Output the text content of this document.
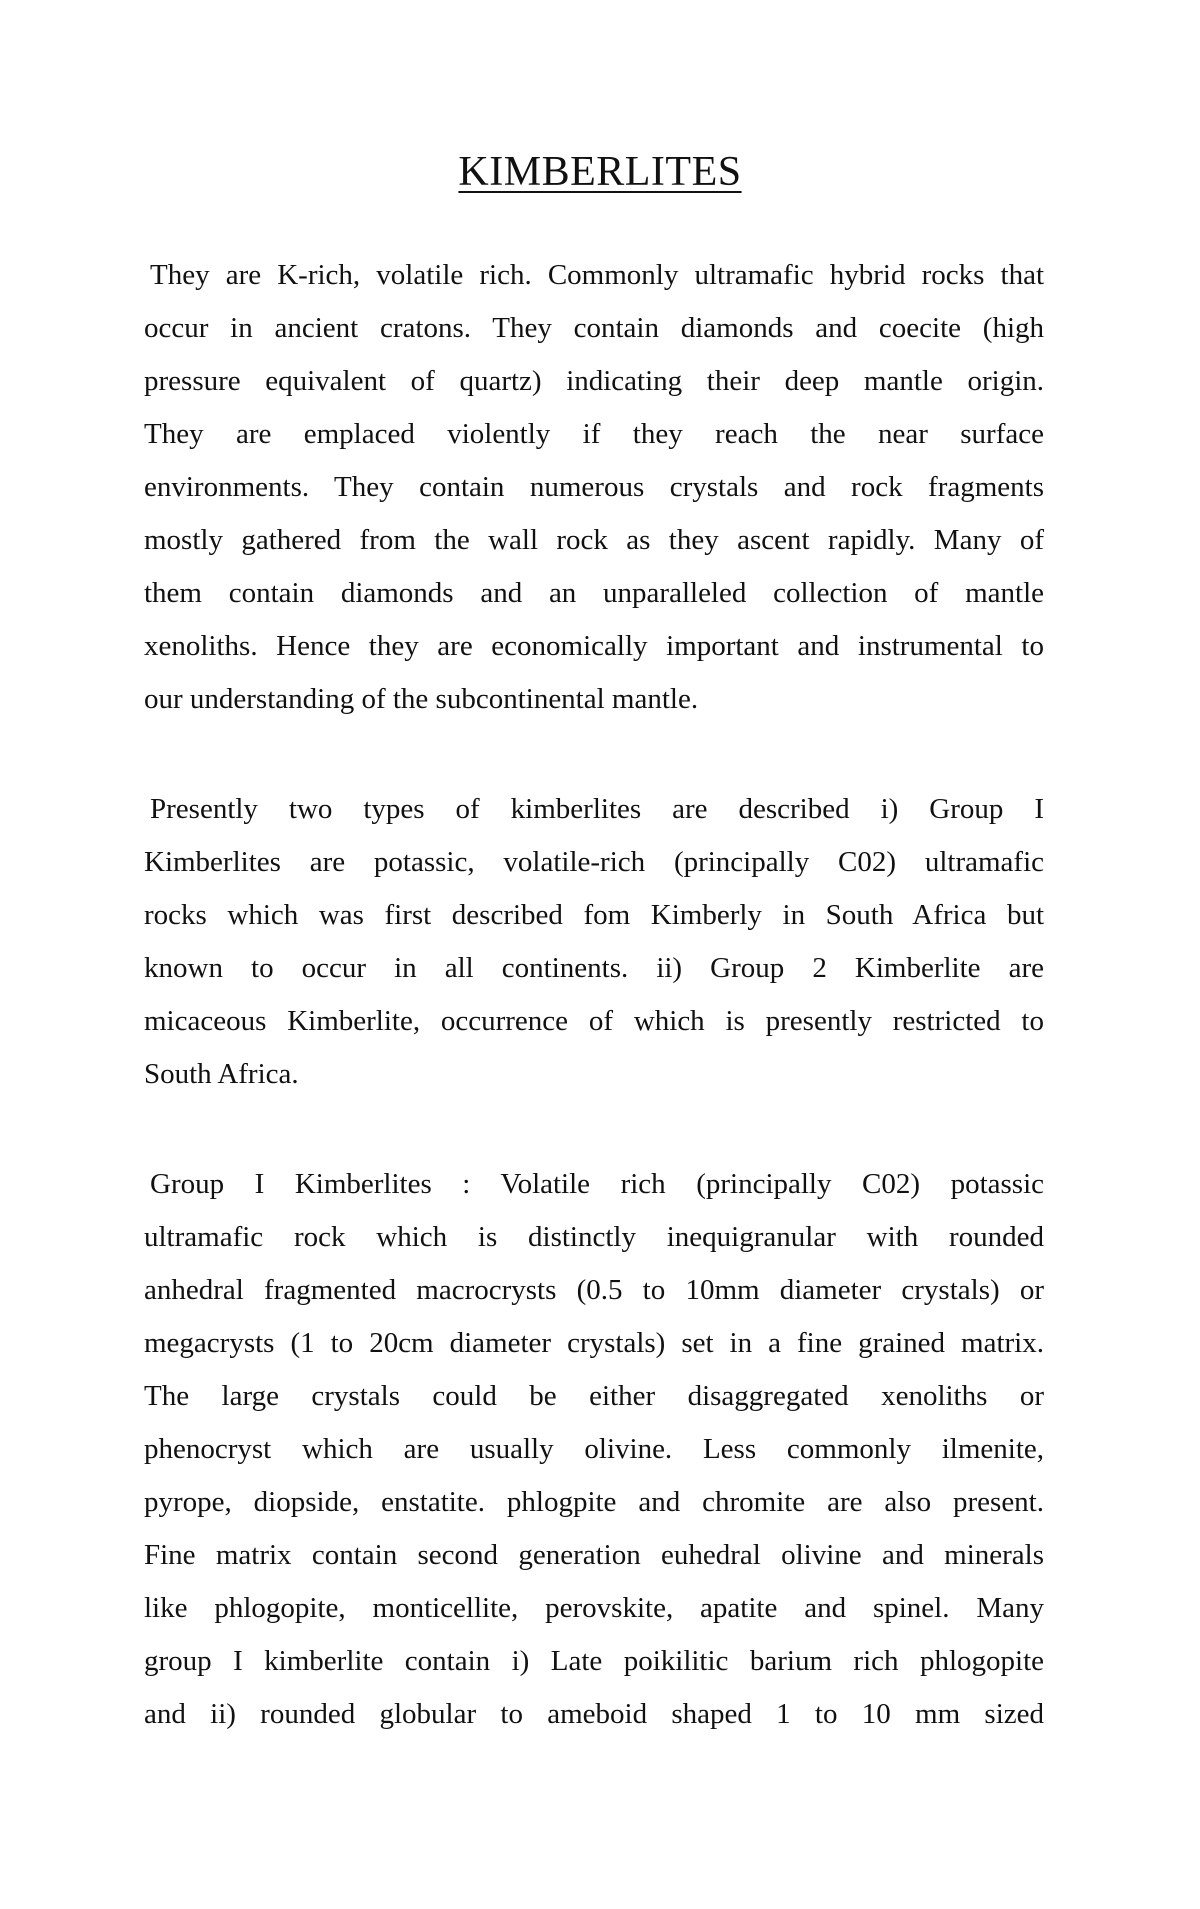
KIMBERLITES
They are K-rich, volatile rich. Commonly ultramafic hybrid rocks that
occur in ancient cratons. They contain diamonds and coecite (high
pressure equivalent of quartz) indicating their deep mantle origin.
They are emplaced violently if they reach the near surface
environments. They contain numerous crystals and rock fragments
mostly gathered from the wall rock as they ascent rapidly. Many of
them contain diamonds and an unparalleled collection of mantle
xenoliths. Hence they are economically important and instrumental to
our understanding of the subcontinental mantle.
Presently two types of kimberlites are described i) Group I
Kimberlites are potassic, volatile-rich (principally C02) ultramafic
rocks which was first described fom Kimberly in South Africa but
known to occur in all continents. ii) Group 2 Kimberlite are
micaceous Kimberlite, occurrence of which is presently restricted to
South Africa.
Group I Kimberlites : Volatile rich (principally C02) potassic
ultramafic rock which is distinctly inequigranular with rounded
anhedral fragmented macrocrysts (0.5 to 10mm diameter crystals) or
megacrysts (1 to 20cm diameter crystals) set in a fine grained matrix.
The large crystals could be either disaggregated xenoliths or
phenocryst which are usually olivine. Less commonly ilmenite,
pyrope, diopside, enstatite. phlogpite and chromite are also present.
Fine matrix contain second generation euhedral olivine and minerals
like phlogopite, monticellite, perovskite, apatite and spinel. Many
group I kimberlite contain i) Late poikilitic barium rich phlogopite
and ii) rounded globular to ameboid shaped 1 to 10 mm sized
